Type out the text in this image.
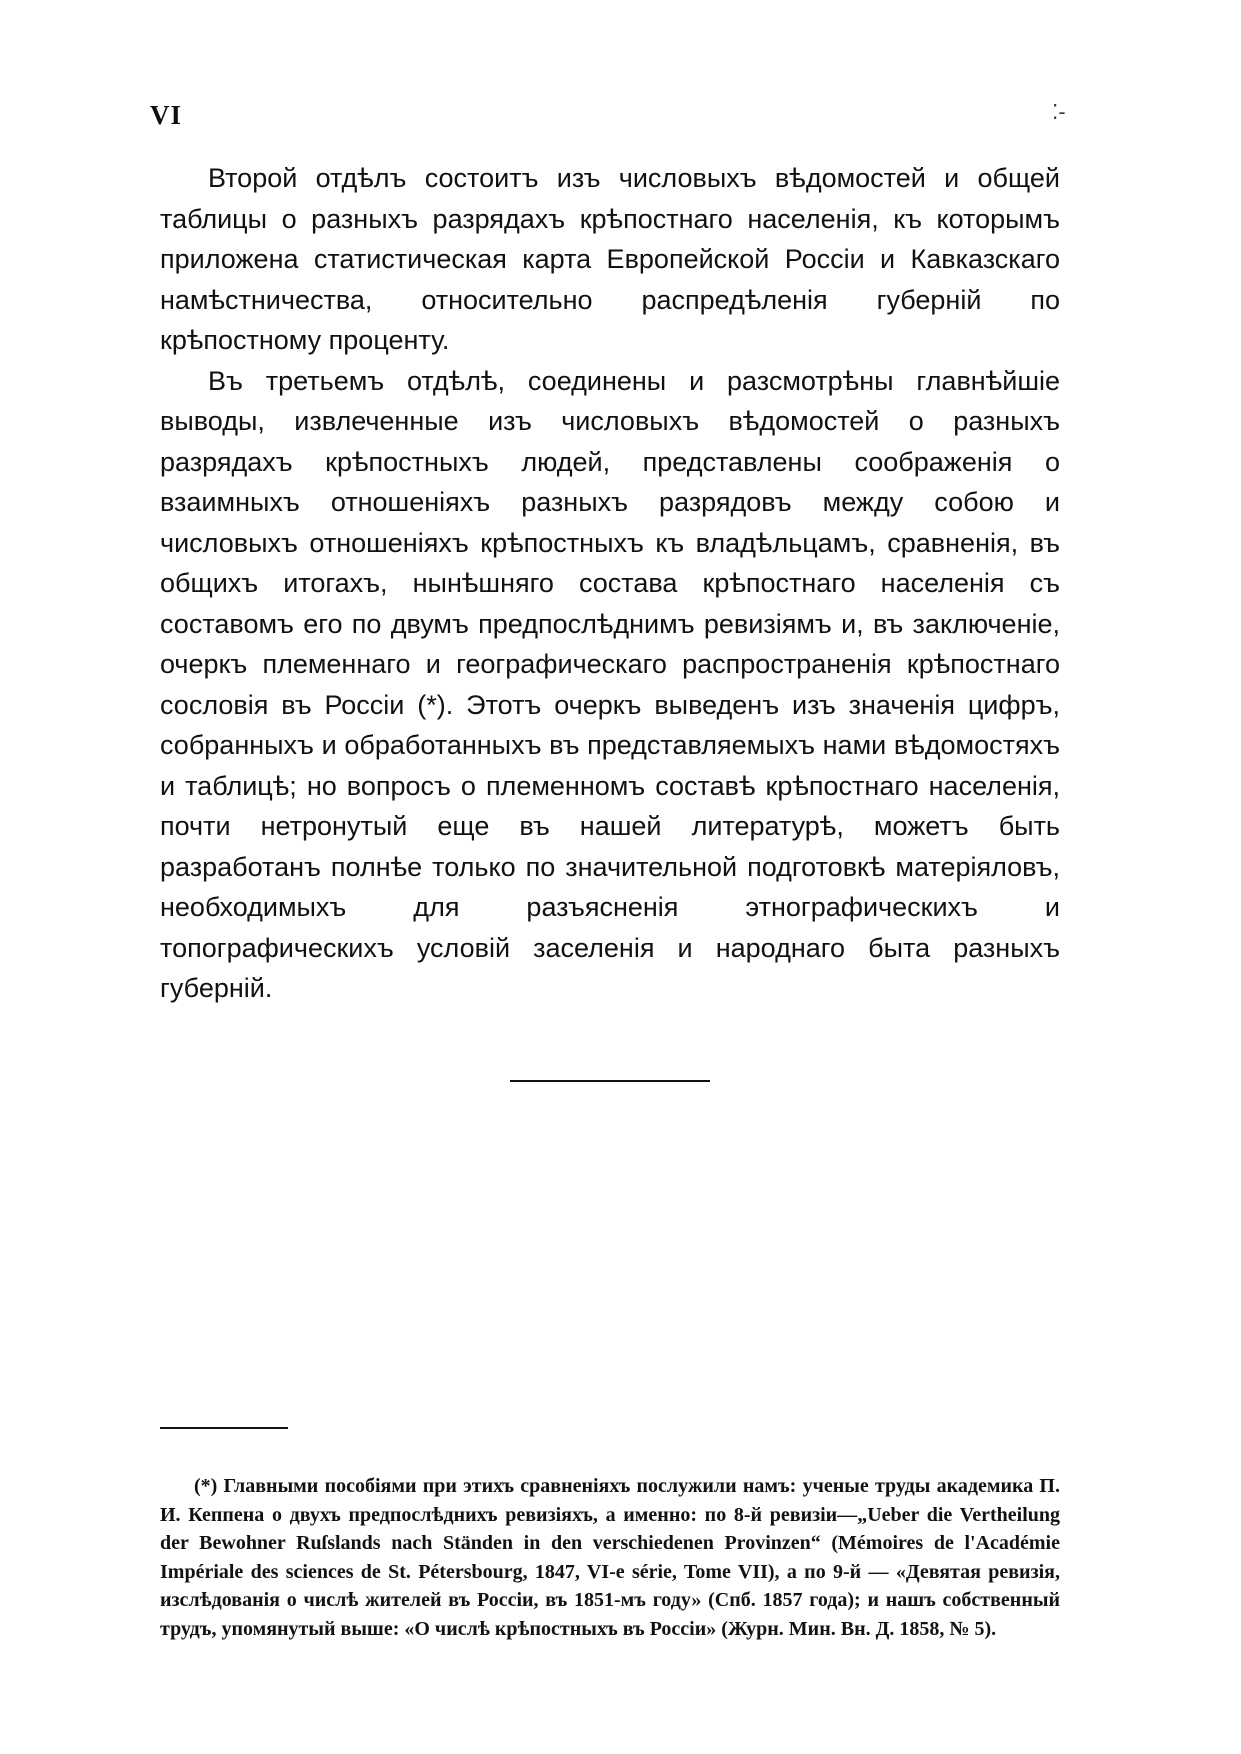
VI	⁚-

Второй отдѣлъ состоитъ изъ числовыхъ вѣдомостей и общей таблицы о разныхъ разрядахъ крѣпостнаго населенія, къ которымъ приложена статистическая карта Европейской Россіи и Кавказскаго намѣстничества, относительно распредѣленія губерній по крѣпостному проценту.

Въ третьемъ отдѣлѣ, соединены и разсмотрѣны главнѣйшіе выводы, извлеченные изъ числовыхъ вѣдомостей о разныхъ разрядахъ крѣпостныхъ людей, представлены соображенія о взаимныхъ отношеніяхъ разныхъ разрядовъ между собою и числовыхъ отношеніяхъ крѣпостныхъ къ владѣльцамъ, сравненія, въ общихъ итогахъ, нынѣшняго состава крѣпостнаго населенія съ составомъ его по двумъ предпослѣднимъ ревизіямъ и, въ заключеніе, очеркъ племеннаго и географическаго распространенія крѣпостнаго сословія въ Россіи (*). Этотъ очеркъ выведенъ изъ значенія цифръ, собранныхъ и обработанныхъ въ представляемыхъ нами вѣдомостяхъ и таблицѣ; но вопросъ о племенномъ составѣ крѣпостнаго населенія, почти нетронутый еще въ нашей литературѣ, можетъ быть разработанъ полнѣе только по значительной подготовкѣ матеріяловъ, необходимыхъ для разъясненія этнографическихъ и топографическихъ условій заселенія и народнаго быта разныхъ губерній.

(*) Главными пособіями при этихъ сравненіяхъ послужили намъ: ученые труды академика П. И. Кеппена о двухъ предпослѣднихъ ревизіяхъ, а именно: по 8-й ревизіи—„Ueber die Vertheilung der Bewohner Ruſslands nach Ständen in den verschiedenen Provinzen“ (Mémoires de l'Académie Impériale des sciences de St. Pétersbourg, 1847, VI-e série, Tome VII), а по 9-й — «Девятая ревизія, изслѣдованія о числѣ жителей въ Россіи, въ 1851-мъ году» (Спб. 1857 года); и нашъ собственный трудъ, упомянутый выше: «О числѣ крѣпостныхъ въ Россіи» (Журн. Мин. Вн. Д. 1858, № 5).
